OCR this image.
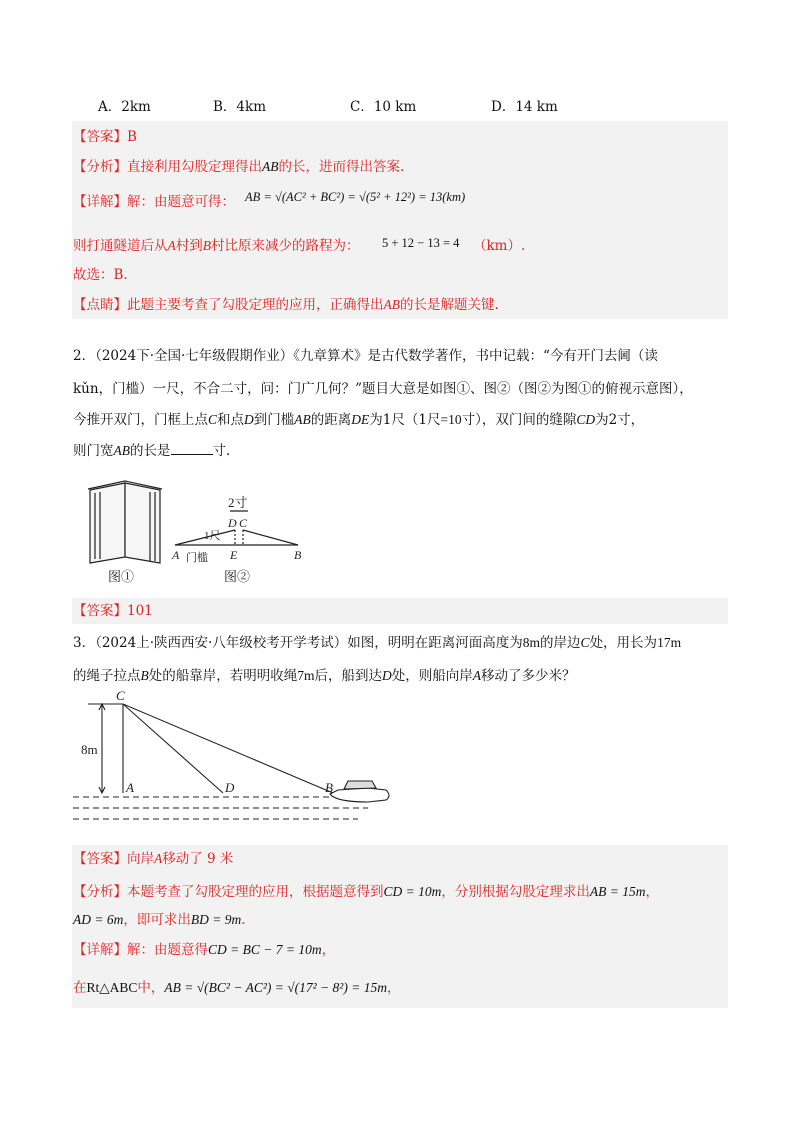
A．2km	B．4km	C．10 km	D．14 km
【答案】B
【分析】直接利用勾股定理得出AB的长，进而得出答案.
【详解】解：由题意可得： AB = √(AC² + BC²) = √(5² + 12²) = 13(km)
则打通隧道后从A村到B村比原来减少的路程为： 5 + 12 − 13 = 4 （km）.
故选：B.
【点睛】此题主要考查了勾股定理的应用，正确得出AB的长是解题关键.
2．（2024下·全国·七年级假期作业）《九章算术》是古代数学著作，书中记载：“今有开门去阃（读
kǔn，门槛）一尺，不合二寸，问：门广几何？”题目大意是如图①、图②（图②为图①的俯视示意图），
今推开双门，门框上点C和点D到门槛AB的距离DE为1尺（1尺=10寸），双门间的缝隙CD为2寸，
则门宽AB的长是	寸.
图①
2寸
D C
1尺
A 门槛 E	B
图②
【答案】101
3．（2024上·陕西西安·八年级校考开学考试）如图，明明在距离河面高度为8m的岸边C处，用长为17m
的绳子拉点B处的船靠岸，若明明收绳7m后，船到达D处，则船向岸A移动了多少米？
C
8m
A	D	B
【答案】向岸A移动了 9 米
【分析】本题考查了勾股定理的应用，根据题意得到CD = 10m，分别根据勾股定理求出AB = 15m，
AD = 6m，即可求出BD = 9m.
【详解】解：由题意得CD = BC − 7 = 10m，
在Rt△ABC中，AB = √(BC² − AC²) = √(17² − 8²) = 15m，
